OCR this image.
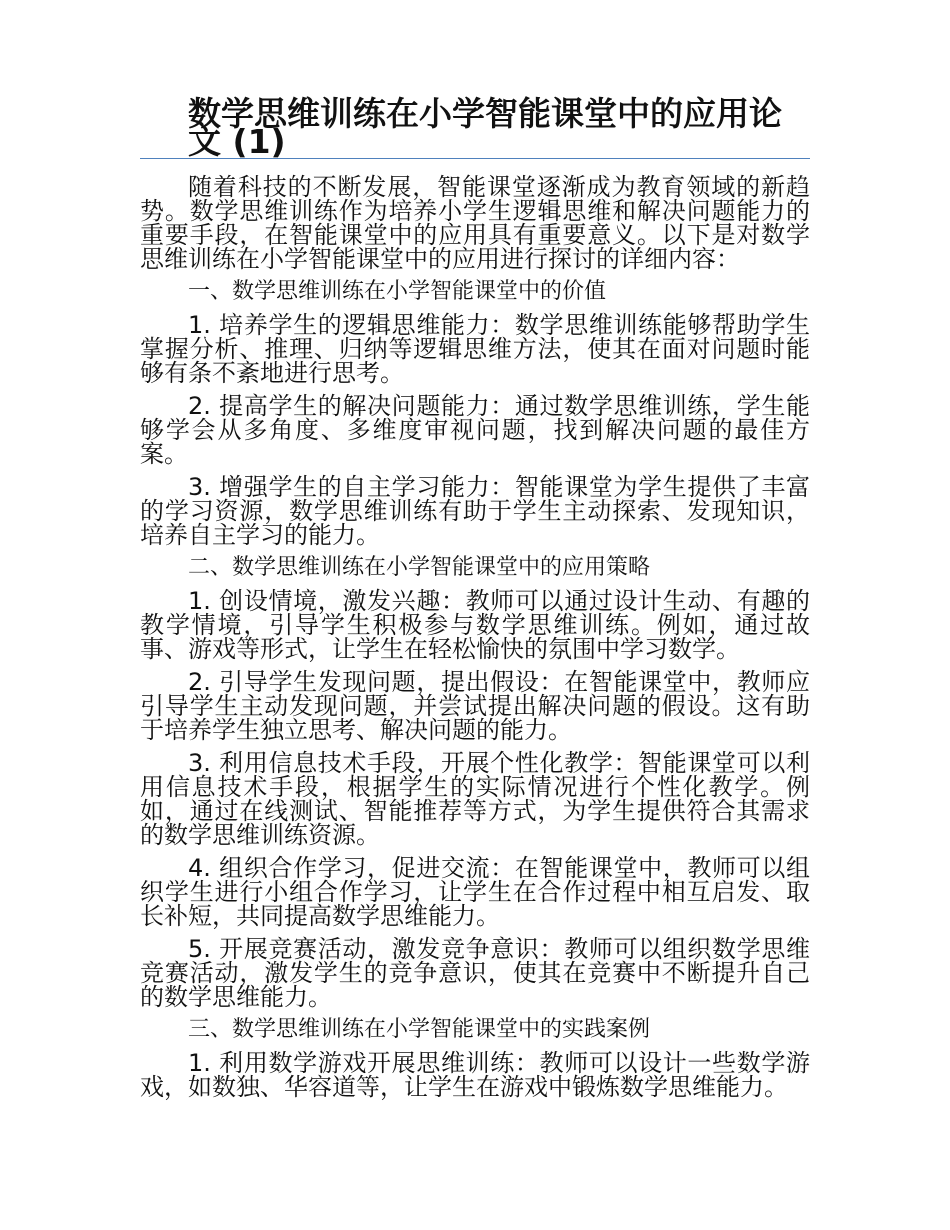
数学思维训练在小学智能课堂中的应用论文 (1)

随着科技的不断发展，智能课堂逐渐成为教育领域的新趋势。数学思维训练作为培养小学生逻辑思维和解决问题能力的重要手段，在智能课堂中的应用具有重要意义。以下是对数学思维训练在小学智能课堂中的应用进行探讨的详细内容：

一、数学思维训练在小学智能课堂中的价值

1. 培养学生的逻辑思维能力：数学思维训练能够帮助学生掌握分析、推理、归纳等逻辑思维方法，使其在面对问题时能够有条不紊地进行思考。

2. 提高学生的解决问题能力：通过数学思维训练，学生能够学会从多角度、多维度审视问题，找到解决问题的最佳方案。

3. 增强学生的自主学习能力：智能课堂为学生提供了丰富的学习资源，数学思维训练有助于学生主动探索、发现知识，培养自主学习的能力。

二、数学思维训练在小学智能课堂中的应用策略

1. 创设情境，激发兴趣：教师可以通过设计生动、有趣的教学情境，引导学生积极参与数学思维训练。例如，通过故事、游戏等形式，让学生在轻松愉快的氛围中学习数学。

2. 引导学生发现问题，提出假设：在智能课堂中，教师应引导学生主动发现问题，并尝试提出解决问题的假设。这有助于培养学生独立思考、解决问题的能力。

3. 利用信息技术手段，开展个性化教学：智能课堂可以利用信息技术手段，根据学生的实际情况进行个性化教学。例如，通过在线测试、智能推荐等方式，为学生提供符合其需求的数学思维训练资源。

4. 组织合作学习，促进交流：在智能课堂中，教师可以组织学生进行小组合作学习，让学生在合作过程中相互启发、取长补短，共同提高数学思维能力。

5. 开展竞赛活动，激发竞争意识：教师可以组织数学思维竞赛活动，激发学生的竞争意识，使其在竞赛中不断提升自己的数学思维能力。

三、数学思维训练在小学智能课堂中的实践案例

1. 利用数学游戏开展思维训练：教师可以设计一些数学游戏，如数独、华容道等，让学生在游戏中锻炼数学思维能力。
